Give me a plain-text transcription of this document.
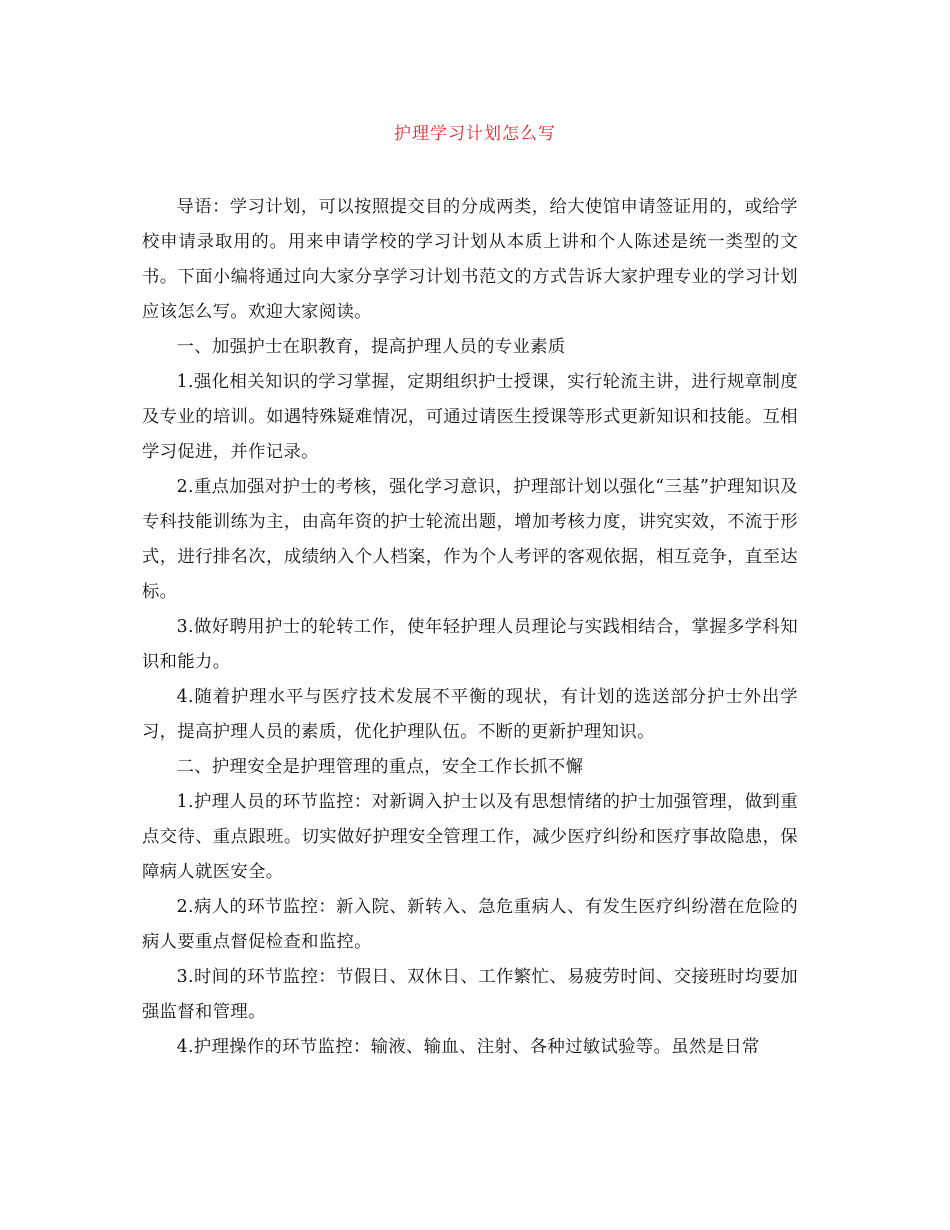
护理学习计划怎么写

导语：学习计划，可以按照提交目的分成两类，给大使馆申请签证用的，或给学校申请录取用的。用来申请学校的学习计划从本质上讲和个人陈述是统一类型的文书。下面小编将通过向大家分享学习计划书范文的方式告诉大家护理专业的学习计划应该怎么写。欢迎大家阅读。

一、加强护士在职教育，提高护理人员的专业素质

1.强化相关知识的学习掌握，定期组织护士授课，实行轮流主讲，进行规章制度及专业的培训。如遇特殊疑难情况，可通过请医生授课等形式更新知识和技能。互相学习促进，并作记录。

2.重点加强对护士的考核，强化学习意识，护理部计划以强化“三基”护理知识及专科技能训练为主，由高年资的护士轮流出题，增加考核力度，讲究实效，不流于形式，进行排名次，成绩纳入个人档案，作为个人考评的客观依据，相互竞争，直至达标。

3.做好聘用护士的轮转工作，使年轻护理人员理论与实践相结合，掌握多学科知识和能力。

4.随着护理水平与医疗技术发展不平衡的现状，有计划的选送部分护士外出学习，提高护理人员的素质，优化护理队伍。不断的更新护理知识。

二、护理安全是护理管理的重点，安全工作长抓不懈

1.护理人员的环节监控：对新调入护士以及有思想情绪的护士加强管理，做到重点交待、重点跟班。切实做好护理安全管理工作，减少医疗纠纷和医疗事故隐患，保障病人就医安全。

2.病人的环节监控：新入院、新转入、急危重病人、有发生医疗纠纷潜在危险的病人要重点督促检查和监控。

3.时间的环节监控：节假日、双休日、工作繁忙、易疲劳时间、交接班时均要加强监督和管理。

4.护理操作的环节监控：输液、输血、注射、各种过敏试验等。虽然是日常
